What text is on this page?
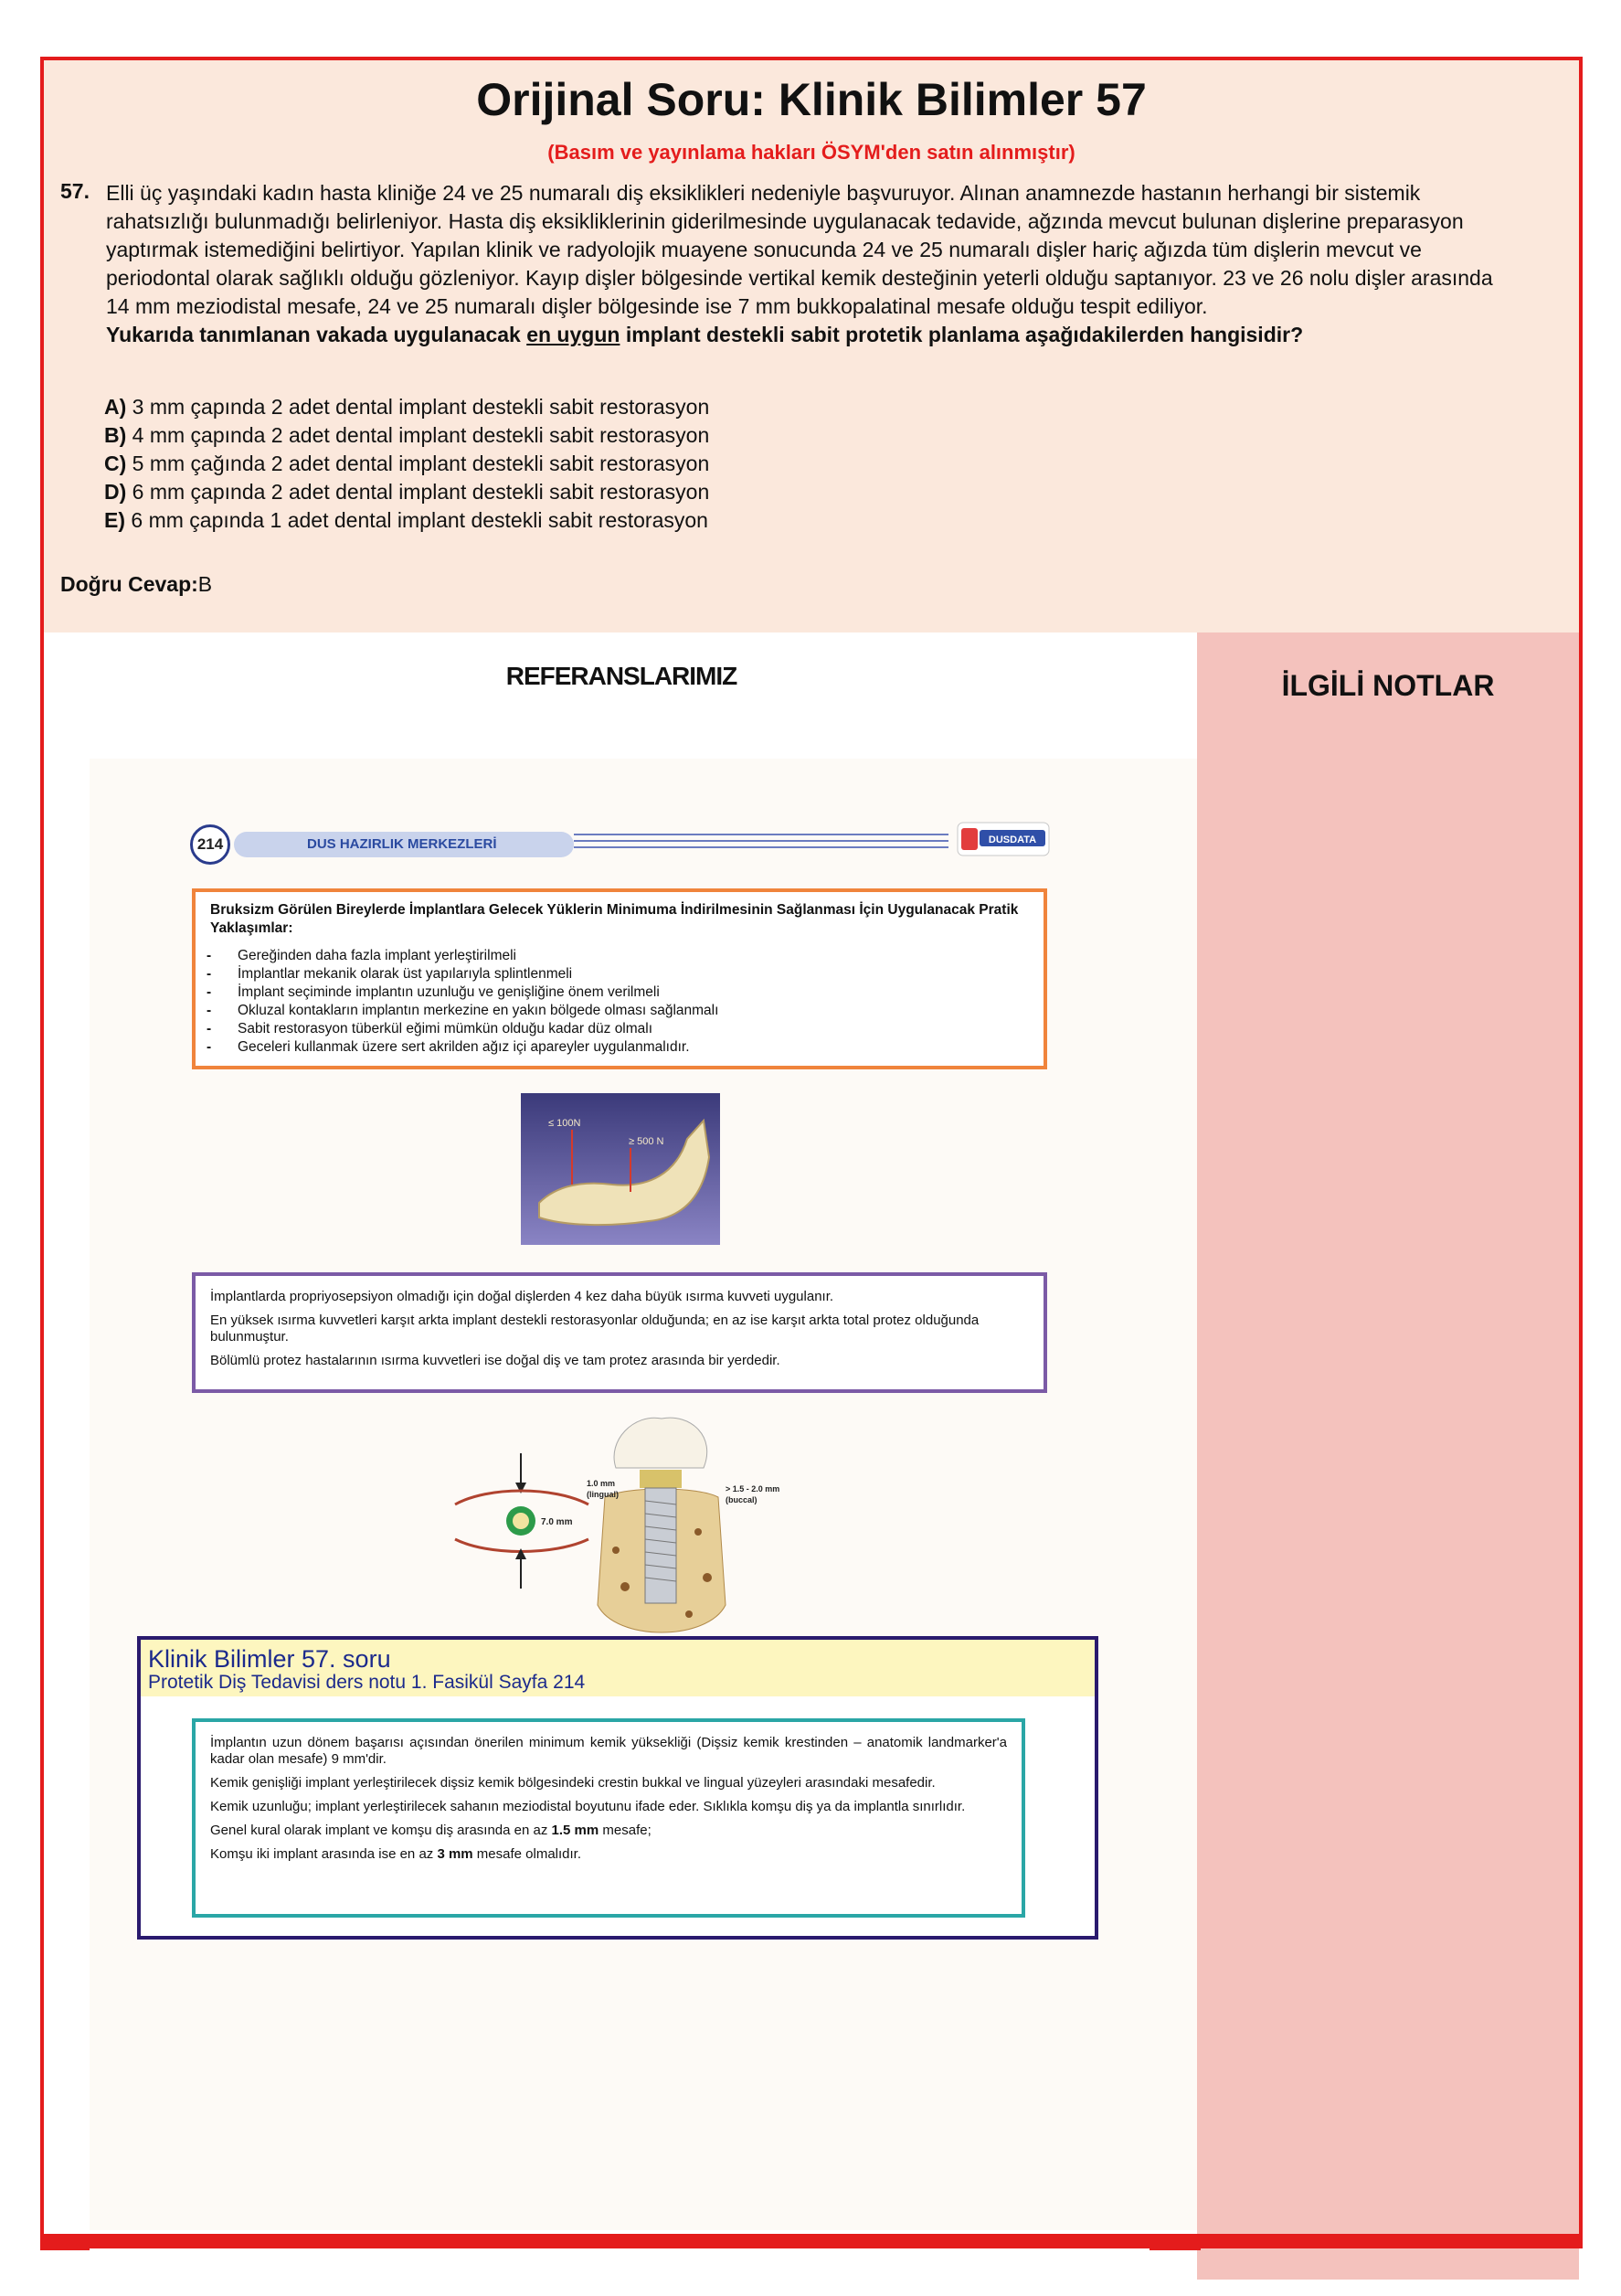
Orijinal Soru: Klinik Bilimler 57
(Basım ve yayınlama hakları ÖSYM'den satın alınmıştır)
57. Elli üç yaşındaki kadın hasta kliniğe 24 ve 25 numaralı diş eksiklikleri nedeniyle başvuruyor. Alınan anamnezde hastanın herhangi bir sistemik rahatsızlığı bulunmadığı belirleniyor. Hasta diş eksikliklerinin giderilmesinde uygulanacak tedavide, ağzında mevcut bulunan dişlerine preparasyon yaptırmak istemediğini belirtiyor. Yapılan klinik ve radyolojik muayene sonucunda 24 ve 25 numaralı dişler hariç ağızda tüm dişlerin mevcut ve periodontal olarak sağlıklı olduğu gözleniyor. Kayıp dişler bölgesinde vertikal kemik desteğinin yeterli olduğu saptanıyor. 23 ve 26 nolu dişler arasında 14 mm meziodistal mesafe, 24 ve 25 numaralı dişler bölgesinde ise 7 mm bukkopalatinal mesafe olduğu tespit ediliyor.
Yukarıda tanımlanan vakada uygulanacak en uygun implant destekli sabit protetik planlama aşağıdakilerden hangisidir?
A) 3 mm çapında 2 adet dental implant destekli sabit restorasyon
B) 4 mm çapında 2 adet dental implant destekli sabit restorasyon
C) 5 mm çağında 2 adet dental implant destekli sabit restorasyon
D) 6 mm çapında 2 adet dental implant destekli sabit restorasyon
E) 6 mm çapında 1 adet dental implant destekli sabit restorasyon
Doğru Cevap:B
REFERANSLARIMIZ	İLGİLİ NOTLAR
214	DUS HAZIRLIK MERKEZLERİ	DUSDATA
Bruksizm Görülen Bireylerde İmplantlara Gelecek Yüklerin Minimuma İndirilmesinin Sağlanması İçin Uygulanacak Pratik Yaklaşımlar:
- Gereğinden daha fazla implant yerleştirilmeli
- İmplantlar mekanik olarak üst yapılarıyla splintlenmeli
- İmplant seçiminde implantın uzunluğu ve genişliğine önem verilmeli
- Okluzal kontakların implantın merkezine en yakın bölgede olması sağlanmalı
- Sabit restorasyon tüberkül eğimi mümkün olduğu kadar düz olmalı
- Geceleri kullanmak üzere sert akrilden ağız içi apareyler uygulanmalıdır.
≤ 100N
≥ 500 N

İmplantlarda propriyosepsiyon olmadığı için doğal dişlerden 4 kez daha büyük ısırma kuvveti uygulanır.

En yüksek ısırma kuvvetleri karşıt arkta implant destekli restorasyonlar olduğunda; en az ise karşıt arkta total protez olduğunda bulunmuştur.

Bölümlü protez hastalarının ısırma kuvvetleri ise doğal diş ve tam protez arasında bir yerdedir.

7.0 mm
1.0 mm
(lingual)
> 1.5 - 2.0 mm
(buccal)
Klinik Bilimler 57. soru
Protetik Diş Tedavisi ders notu 1. Fasikül Sayfa 214

İmplantın uzun dönem başarısı açısından önerilen minimum kemik yüksekliği (Dişsiz kemik krestinden – anatomik landmarker'a kadar olan mesafe) 9 mm'dir.

Kemik genişliği implant yerleştirilecek dişsiz kemik bölgesindeki crestin bukkal ve lingual yüzeyleri arasındaki mesafedir.

Kemik uzunluğu; implant yerleştirilecek sahanın meziodistal boyutunu ifade eder. Sıklıkla komşu diş ya da implantla sınırlıdır.

Genel kural olarak implant ve komşu diş arasında en az 1.5 mm mesafe;

Komşu iki implant arasında ise en az 3 mm mesafe olmalıdır.
